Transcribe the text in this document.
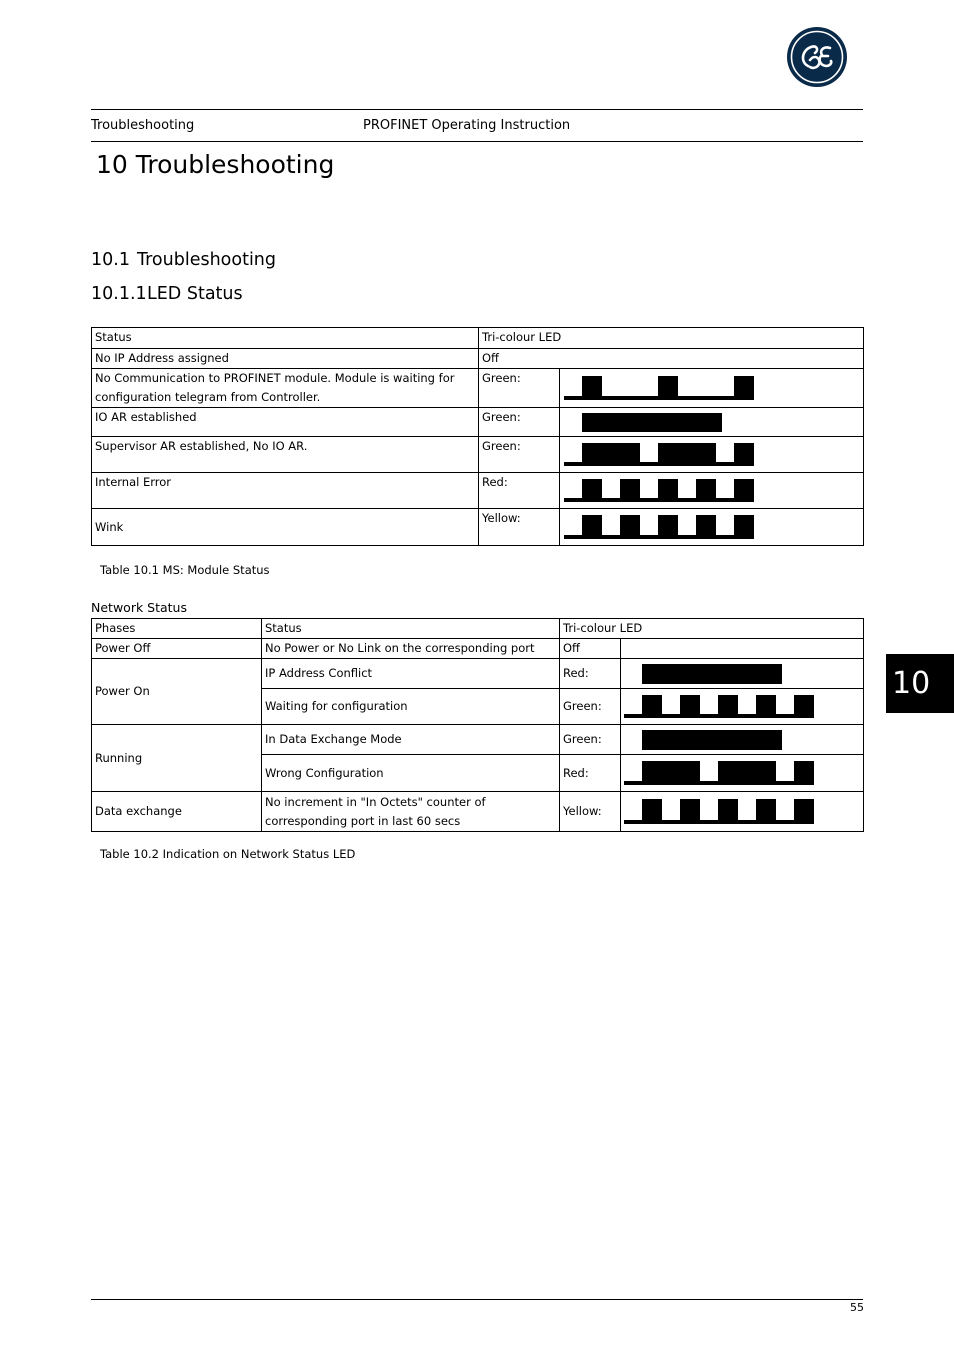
Troubleshooting	PROFINET Operating Instruction
10 Troubleshooting
10.1 Troubleshooting
10.1.1LED Status
Status	Tri-colour LED	
No IP Address assigned	Off	
No Communication to PROFINET module. Module is waiting for configuration telegram from Controller.	Green:	

IO AR established	Green:	

Supervisor AR established, No IO AR.	Green:	

Internal Error	Red:	

Wink	Yellow:	
Table 10.1 MS: Module Status
Network Status
Phases	Status	Tri-colour LED	
Power Off	No Power or No Link on the corresponding port	Off	
Power On	IP Address Conflict	Red:	

	Waiting for configuration	Green:	

Running	In Data Exchange Mode	Green:	

	Wrong Configuration	Red:	

Data exchange	No increment in "In Octets" counter of corresponding port in last 60 secs	Yellow:	
Table 10.2 Indication on Network Status LED
10
55
